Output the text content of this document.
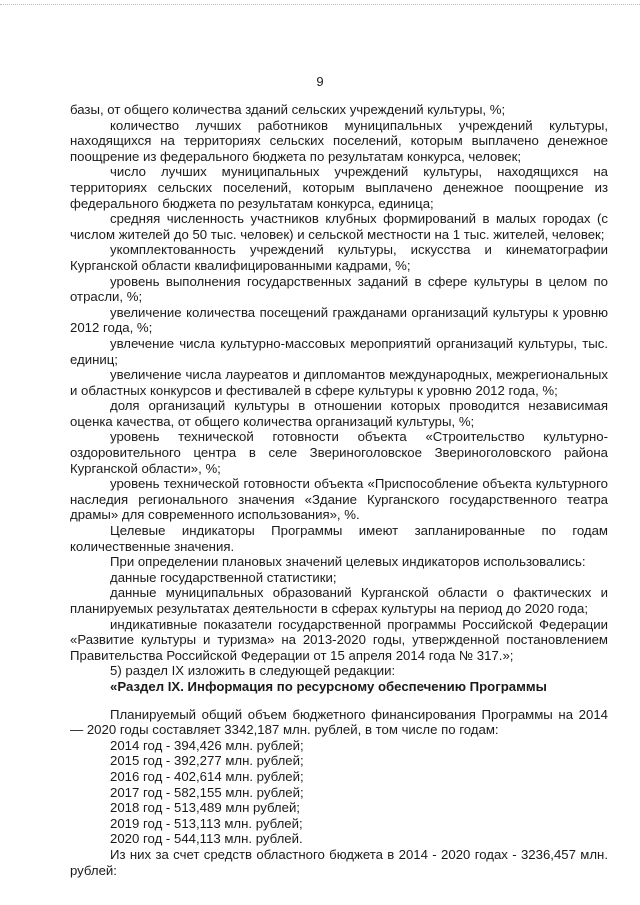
9

базы, от общего количества зданий сельских учреждений культуры, %;

количество лучших работников муниципальных учреждений культуры, находящихся на территориях сельских поселений, которым выплачено денежное поощрение из федерального бюджета по результатам конкурса, человек;

число лучших муниципальных учреждений культуры, находящихся на территориях сельских поселений, которым выплачено денежное поощрение из федерального бюджета по результатам конкурса, единица;

средняя численность участников клубных формирований в малых городах (с числом жителей до 50 тыс. человек) и сельской местности на 1 тыс. жителей, человек;

укомплектованность учреждений культуры, искусства и кинематографии Курганской области квалифицированными кадрами, %;

уровень выполнения государственных заданий в сфере культуры в целом по отрасли, %;

увеличение количества посещений гражданами организаций культуры к уровню 2012 года, %;

увлечение числа культурно-массовых мероприятий организаций культуры, тыс. единиц;

увеличение числа лауреатов и дипломантов международных, межрегиональных и областных конкурсов и фестивалей в сфере культуры к уровню 2012 года, %;

доля организаций культуры в отношении которых проводится независимая оценка качества, от общего количества организаций культуры, %;

уровень технической готовности объекта «Строительство культурно-оздоровительного центра в селе Звериноголовское Звериноголовского района Курганской области», %;

уровень технической готовности объекта «Приспособление объекта культурного наследия регионального значения «Здание Курганского государственного театра драмы» для современного использования», %.

Целевые индикаторы Программы имеют запланированные по годам количественные значения.

При определении плановых значений целевых индикаторов использовались:

данные государственной статистики;

данные муниципальных образований Курганской области о фактических и планируемых результатах деятельности в сферах культуры на период до 2020 года;

индикативные показатели государственной программы Российской Федерации «Развитие культуры и туризма» на 2013-2020 годы, утвержденной постановлением Правительства Российской Федерации от 15 апреля 2014 года № 317.»;

5) раздел IX изложить в следующей редакции:

«Раздел IX. Информация по ресурсному обеспечению Программы

Планируемый общий объем бюджетного финансирования Программы на 2014 — 2020 годы составляет 3342,187 млн. рублей, в том числе по годам:

2014 год - 394,426 млн. рублей;

2015 год - 392,277 млн. рублей;

2016 год - 402,614 млн. рублей;

2017 год - 582,155 млн. рублей;

2018 год - 513,489 млн рублей;

2019 год - 513,113 млн. рублей;

2020 год - 544,113 млн. рублей.

Из них за счет средств областного бюджета в 2014 - 2020 годах - 3236,457 млн. рублей:
